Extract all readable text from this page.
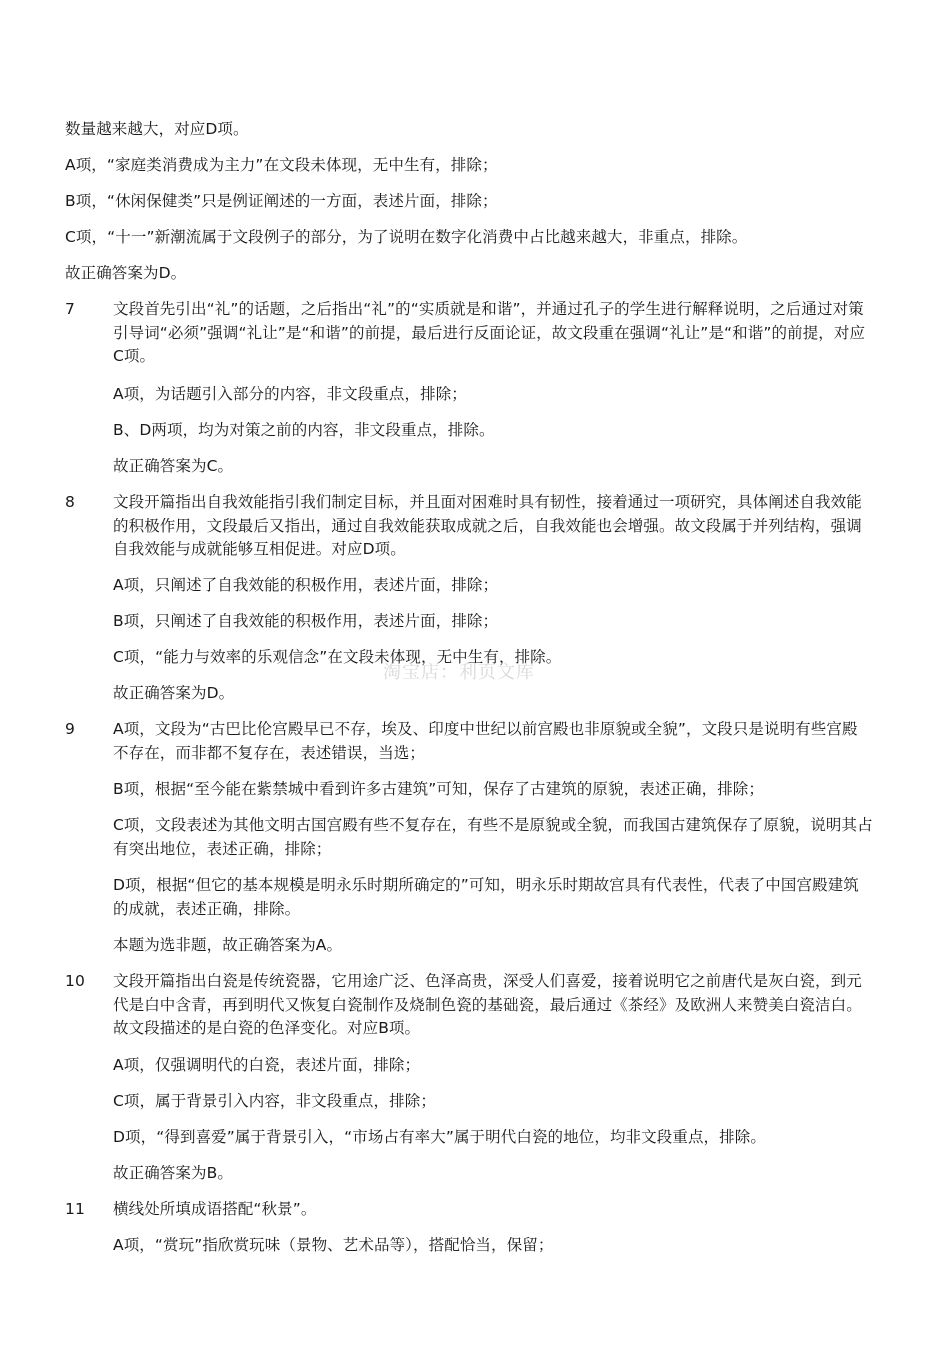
数量越来越大，对应D项。
A项，“家庭类消费成为主力”在文段未体现，无中生有，排除；
B项，“休闲保健类”只是例证阐述的一方面，表述片面，排除；
C项，“十一”新潮流属于文段例子的部分，为了说明在数字化消费中占比越来越大，非重点，排除。
故正确答案为D。
7 文段首先引出“礼”的话题，之后指出“礼”的“实质就是和谐”，并通过孔子的学生进行解释说明，之后通过对策引导词“必须”强调“礼让”是“和谐”的前提，最后进行反面论证，故文段重在强调“礼让”是“和谐”的前提，对应C项。
A项，为话题引入部分的内容，非文段重点，排除；
B、D两项，均为对策之前的内容，非文段重点，排除。
故正确答案为C。
8 文段开篇指出自我效能指引我们制定目标，并且面对困难时具有韧性，接着通过一项研究，具体阐述自我效能的积极作用，文段最后又指出，通过自我效能获取成就之后，自我效能也会增强。故文段属于并列结构，强调自我效能与成就能够互相促进。对应D项。
A项，只阐述了自我效能的积极作用，表述片面，排除；
B项，只阐述了自我效能的积极作用，表述片面，排除；
C项，“能力与效率的乐观信念”在文段未体现，无中生有，排除。
故正确答案为D。
9 A项，文段为“古巴比伦宫殿早已不存，埃及、印度中世纪以前宫殿也非原貌或全貌”，文段只是说明有些宫殿不存在，而非都不复存在，表述错误，当选；
B项，根据“至今能在紫禁城中看到许多古建筑”可知，保存了古建筑的原貌，表述正确，排除；
C项，文段表述为其他文明古国宫殿有些不复存在，有些不是原貌或全貌，而我国古建筑保存了原貌，说明其占有突出地位，表述正确，排除；
D项，根据“但它的基本规模是明永乐时期所确定的”可知，明永乐时期故宫具有代表性，代表了中国宫殿建筑的成就，表述正确，排除。
本题为选非题，故正确答案为A。
10 文段开篇指出白瓷是传统瓷器，它用途广泛、色泽高贵，深受人们喜爱，接着说明它之前唐代是灰白瓷，到元代是白中含青，再到明代又恢复白瓷制作及烧制色瓷的基础瓷，最后通过《茶经》及欧洲人来赞美白瓷洁白。故文段描述的是白瓷的色泽变化。对应B项。
A项，仅强调明代的白瓷，表述片面，排除；
C项，属于背景引入内容，非文段重点，排除；
D项，“得到喜爱”属于背景引入，“市场占有率大”属于明代白瓷的地位，均非文段重点，排除。
故正确答案为B。
11 横线处所填成语搭配“秋景”。
A项，“赏玩”指欣赏玩味（景物、艺术品等），搭配恰当，保留；
淘宝店：利页文库
